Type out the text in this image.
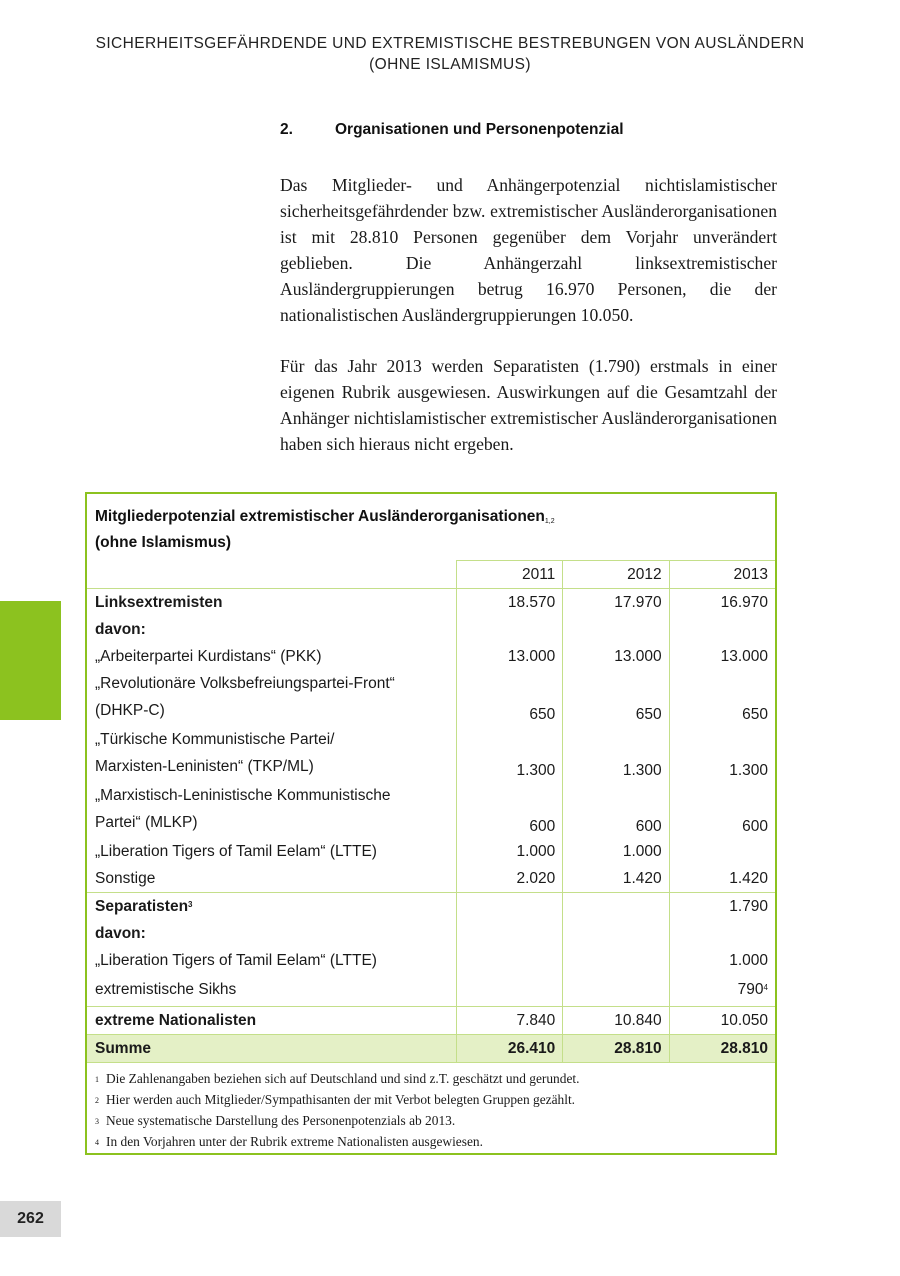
SICHERHEITSGEFÄHRDENDE UND EXTREMISTISCHE BESTREBUNGEN VON AUSLÄNDERN
(OHNE ISLAMISMUS)
2.	Organisationen und Personenpotenzial

Das Mitglieder- und Anhängerpotenzial nichtislamistischer sicherheitsgefährdender bzw. extremistischer Ausländerorganisationen ist mit 28.810 Personen gegenüber dem Vorjahr unverändert geblieben. Die Anhängerzahl linksextremistischer Ausländergruppierungen betrug 16.970 Personen, die der nationalistischen Ausländergruppierungen 10.050.

Für das Jahr 2013 werden Separatisten (1.790) erstmals in einer eigenen Rubrik ausgewiesen. Auswirkungen auf die Gesamtzahl der Anhänger nichtislamistischer extremistischer Ausländerorganisationen haben sich hieraus nicht ergeben.

Mitgliederpotenzial extremistischer Ausländerorganisationen$^{1,2}$
(ohne Islamismus)
	2011	2012	2013
Linksextremisten	18.570	17.970	16.970
davon:			
„Arbeiterpartei Kurdistans“ (PKK)	13.000	13.000	13.000
„Revolutionäre Volksbefreiungspartei-Front“
(DHKP-C)	650	650	650
„Türkische Kommunistische Partei/
Marxisten-Leninisten“ (TKP/ML)	1.300	1.300	1.300
„Marxistisch-Leninistische Kommunistische
Partei“ (MLKP)	600	600	600
„Liberation Tigers of Tamil Eelam“ (LTTE)	1.000	1.000	
Sonstige	2.020	1.420	1.420
Separatisten$^3$			1.790
davon:			
„Liberation Tigers of Tamil Eelam“ (LTTE)			1.000
extremistische Sikhs			$790^4$
extreme Nationalisten	7.840	10.840	10.050
Summe	26.410	28.810	28.810
1 Die Zahlenangaben beziehen sich auf Deutschland und sind z.T. geschätzt und gerundet.
2 Hier werden auch Mitglieder/Sympathisanten der mit Verbot belegten Gruppen gezählt.
3 Neue systematische Darstellung des Personenpotenzials ab 2013.
4 In den Vorjahren unter der Rubrik extreme Nationalisten ausgewiesen.
262
